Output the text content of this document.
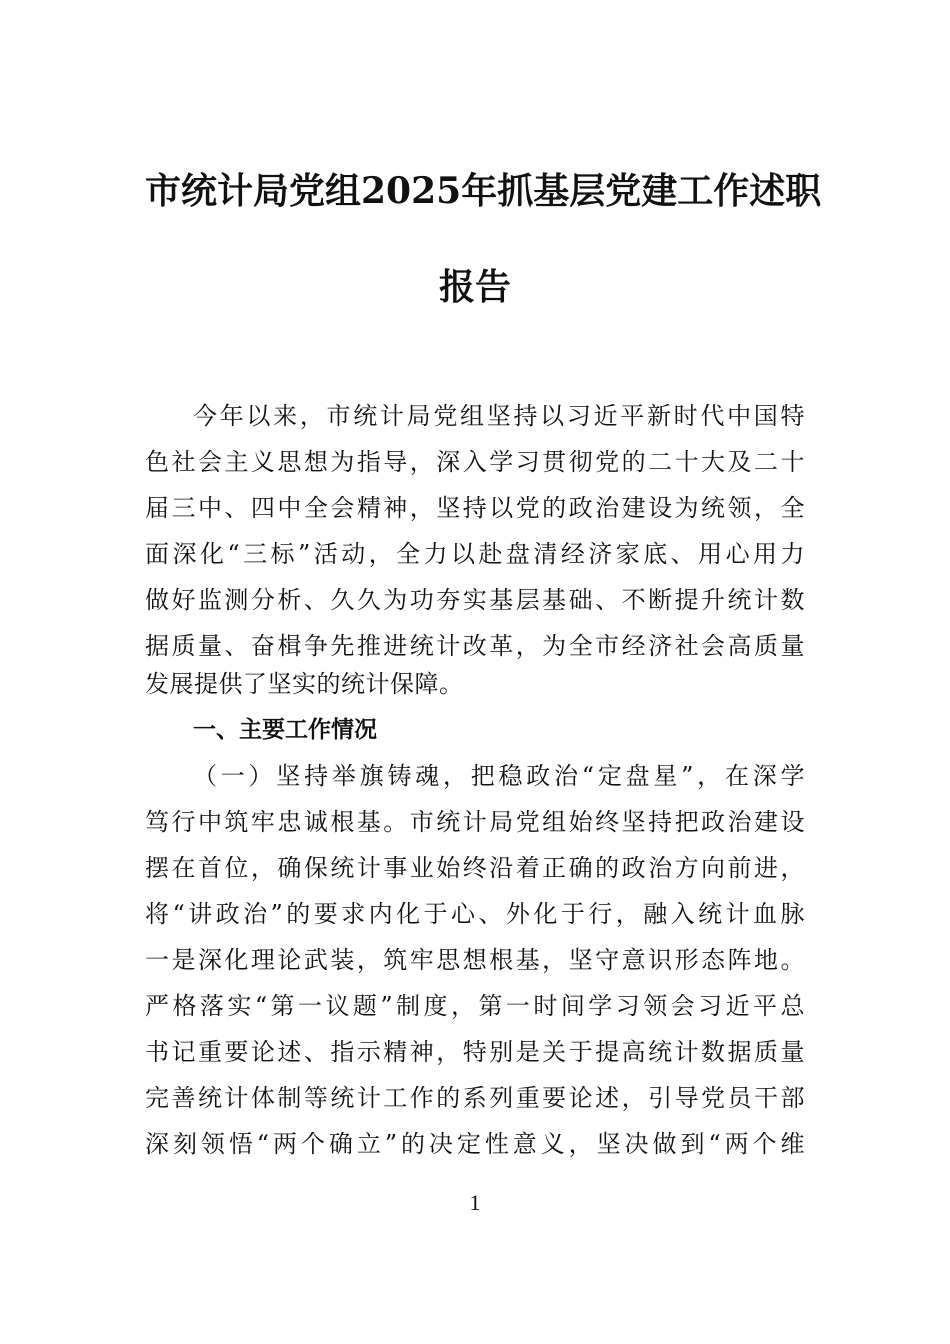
市统计局党组2025年抓基层党建工作述职
报告
今年以来，市统计局党组坚持以习近平新时代中国特
色社会主义思想为指导，深入学习贯彻党的二十大及二十
届三中、四中全会精神，坚持以党的政治建设为统领，全
面深化“三标”活动，全力以赴盘清经济家底、用心用力
做好监测分析、久久为功夯实基层基础、不断提升统计数
据质量、奋楫争先推进统计改革，为全市经济社会高质量
发展提供了坚实的统计保障。
一、主要工作情况
（一）坚持举旗铸魂，把稳政治“定盘星”，在深学
笃行中筑牢忠诚根基。市统计局党组始终坚持把政治建设
摆在首位，确保统计事业始终沿着正确的政治方向前进，
将“讲政治”的要求内化于心、外化于行，融入统计血脉
一是深化理论武装，筑牢思想根基，坚守意识形态阵地。
严格落实“第一议题”制度，第一时间学习领会习近平总
书记重要论述、指示精神，特别是关于提高统计数据质量
完善统计体制等统计工作的系列重要论述，引导党员干部
深刻领悟“两个确立”的决定性意义，坚决做到“两个维
1
